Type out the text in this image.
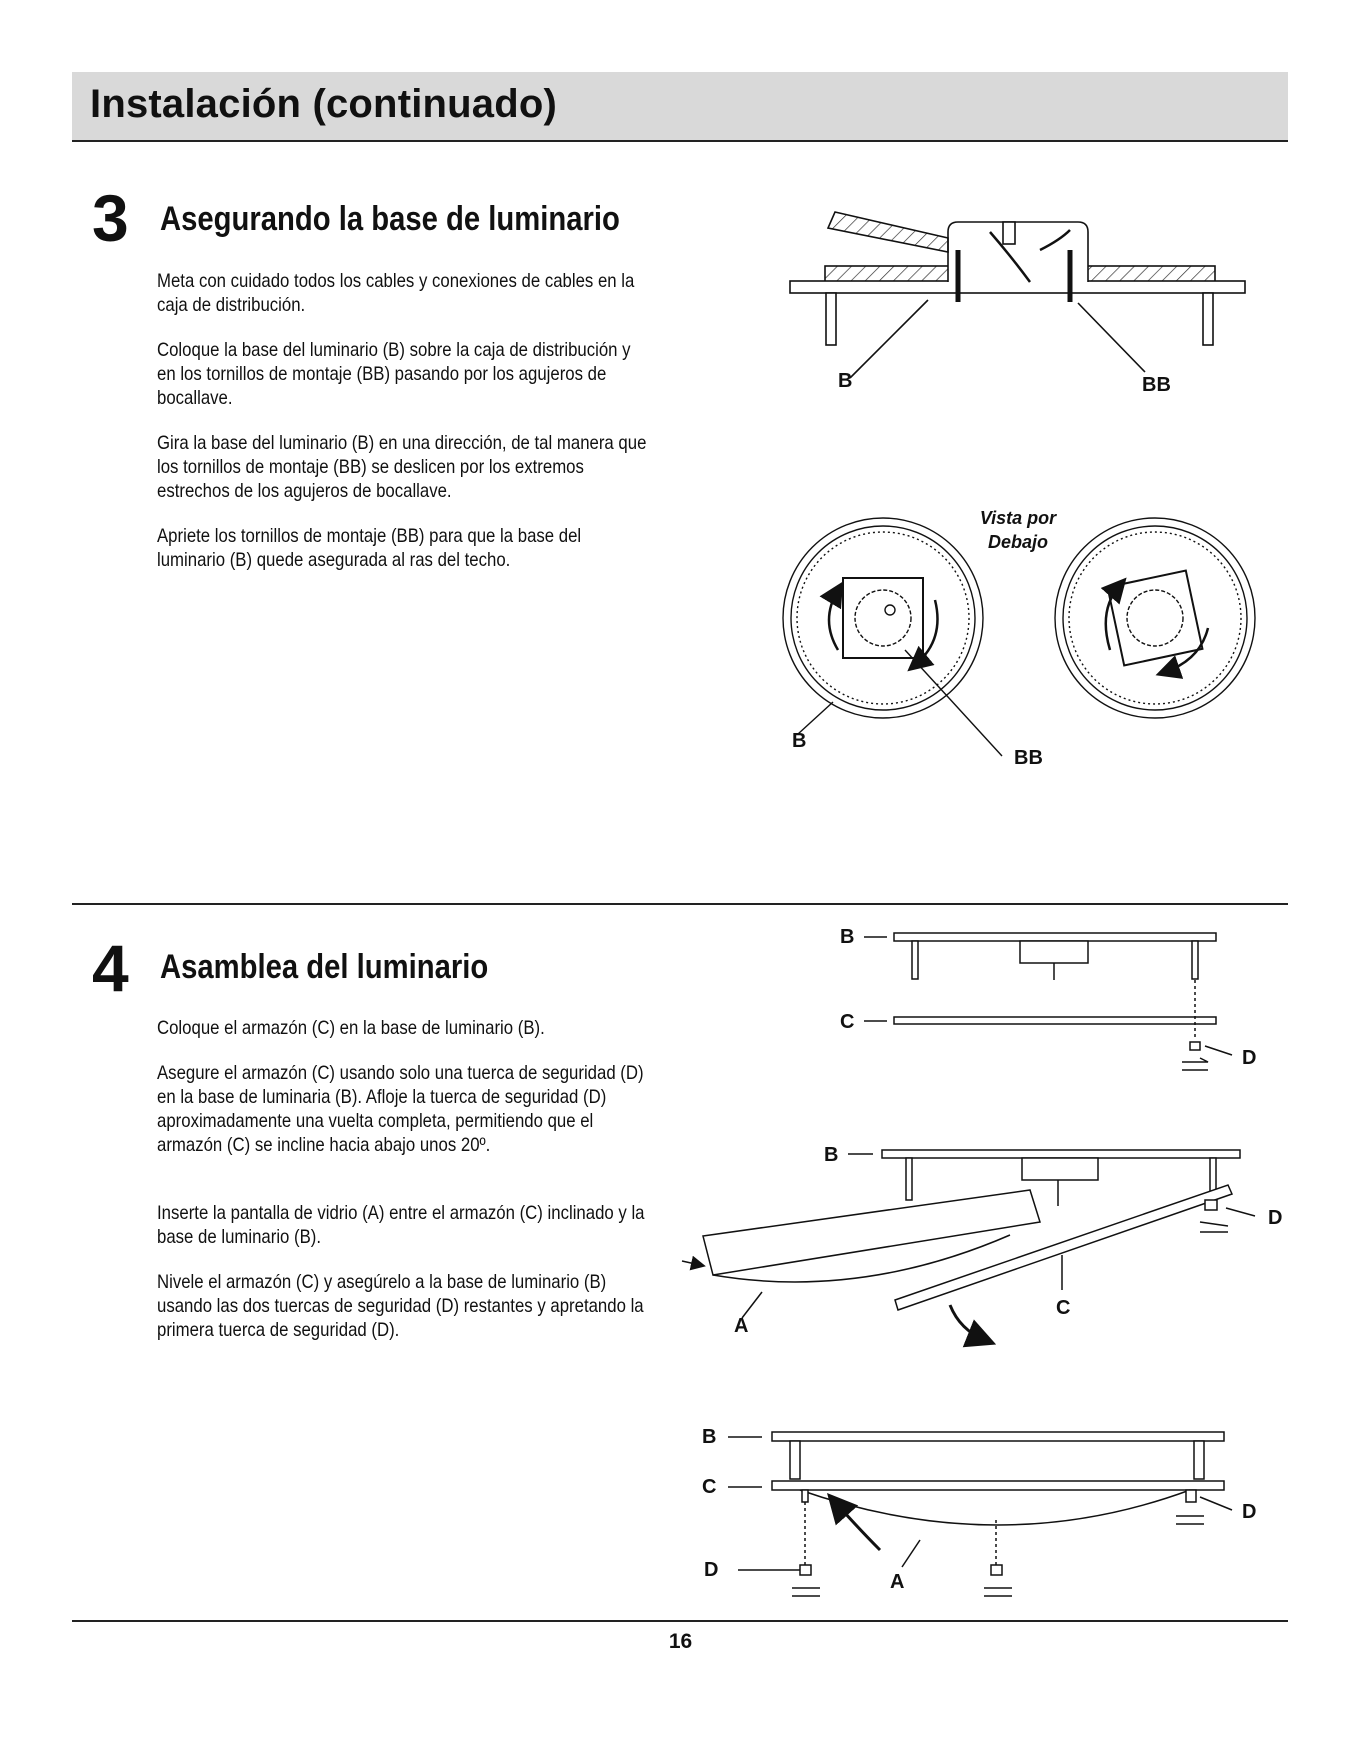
Instalación (continuado)
3 Asegurando la base de luminario

Meta con cuidado todos los cables y conexiones de cables en la caja de distribución.

Coloque la base del luminario (B) sobre la caja de distribución y en los tornillos de montaje (BB) pasando por los agujeros de bocallave.

Gira la base del luminario (B) en una dirección, de tal manera que los tornillos de montaje (BB) se deslicen por los extremos estrechos de los agujeros de bocallave.

Apriete los tornillos de montaje (BB) para que la base del luminario (B) quede asegurada al ras del techo.

4 Asamblea del luminario

Coloque el armazón (C) en la base de luminario (B).

Asegure el armazón (C) usando solo una tuerca de seguridad (D) en la base de luminaria (B). Afloje la tuerca de seguridad (D) aproximadamente una vuelta completa, permitiendo que el armazón (C) se incline hacia abajo unos 20º.

Inserte la pantalla de vidrio (A) entre el armazón (C) inclinado y la base de luminario (B).

Nivele el armazón (C) y asegúrelo a la base de luminario (B) usando las dos tuercas de seguridad (D) restantes y apretando la primera tuerca de seguridad (D).

16
B	BB
Vista por
Debajo
B
BB
B
C
D
B
D
A
C
B
C
D
D
A
